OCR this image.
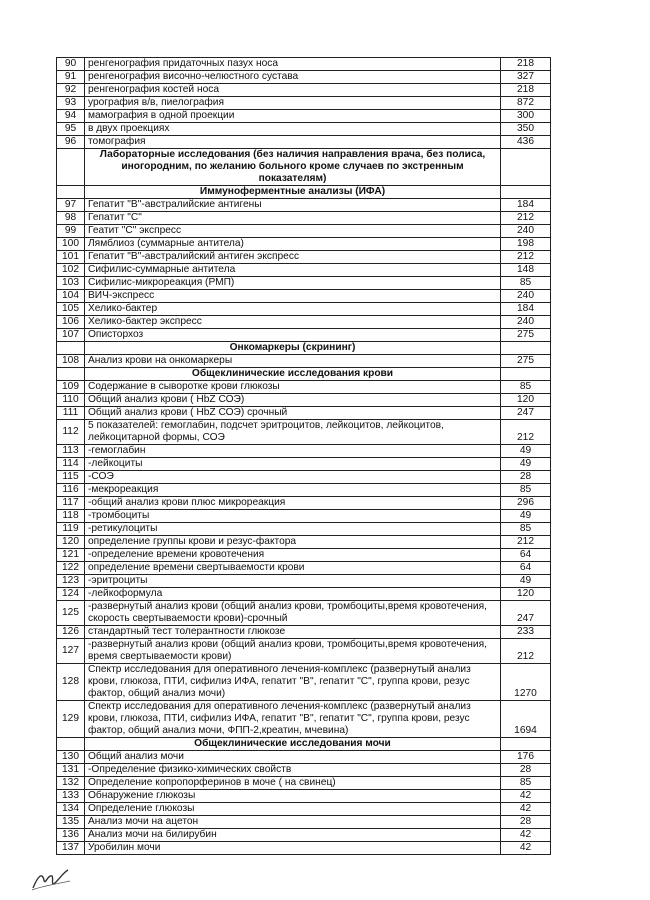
90	ренгенография придаточных пазух носа	218
91	ренгенография височно-челюстного сустава	327
92	ренгенография костей носа	218
93	урография в/в, пиелография	872
94	мамография в одной проекции	300
95	в двух проекциях	350
96	томография	436
	Лабораторные исследования (без наличия направления врача, без полиса, иногородним, по желанию больного кроме случаев по экстренным показателям)	
	Иммуноферментные анализы (ИФА)	
97	Гепатит "В"-австралийские антигены	184
98	Гепатит "С"	212
99	Геатит "С" экспресс	240
100	Лямблиоз (суммарные антитела)	198
101	Гепатит "В"-австралийский антиген экспресс	212
102	Сифилис-суммарные антитела	148
103	Сифилис-микрореакция (РМП)	85
104	ВИЧ-экспресс	240
105	Хелико-бактер	184
106	Хелико-бактер экспресс	240
107	Описторхоз	275
	Онкомаркеры (скрининг)	
108	Анализ крови на онкомаркеры	275
	Общеклинические исследования крови	
109	Содержание в сыворотке крови глюкозы	85
110	Общий анализ крови ( HbZ СОЭ)	120
111	Общий анализ крови ( HbZ СОЭ) срочный	247
112	5 показателей: гемоглабин, подсчет эритроцитов, лейкоцитов, лейкоцитов, лейкоцитарной формы, СОЭ	212
113	-гемоглабин	49
114	-лейкоциты	49
115	-СОЭ	28
116	-мекрореакция	85
117	-общий анализ крови плюс микрореакция	296
118	-тромбоциты	49
119	-ретикулоциты	85
120	определение группы крови и резус-фактора	212
121	-определение времени кровотечения	64
122	определение времени свертываемости крови	64
123	-эритроциты	49
124	-лейкоформула	120
125	-развернутый анализ крови (общий анализ крови, тромбоциты,время кровотечения, скорость свертываемости крови)-срочный	247
126	стандартный тест толерантности глюкозе	233
127	-развернутый анализ крови (общий анализ крови, тромбоциты,время кровотечения, время свертываемости крови)	212
128	Спектр исследования для оперативного лечения-комплекс (развернутый анализ крови, глюкоза, ПТИ, сифилиз ИФА, гепатит "В", гепатит "С", группа крови, резус фактор, общий анализ мочи)	1270
129	Спектр исследования для оперативного лечения-комплекс (развернутый анализ крови, глюкоза, ПТИ, сифилиз ИФА, гепатит "В", гепатит "С", группа крови, резус фактор, общий анализ мочи, ФПП-2,креатин, мчевина)	1694
	Общеклинические исследования мочи	
130	Общий анализ мочи	176
131	-Определение физико-химических свойств	28
132	Определение копропорферинов в моче ( на свинец)	85
133	Обнаружение глюкозы	42
134	Определение глюкозы	42
135	Анализ мочи на ацетон	28
136	Анализ мочи на билирубин	42
137	Уробилин мочи	42
